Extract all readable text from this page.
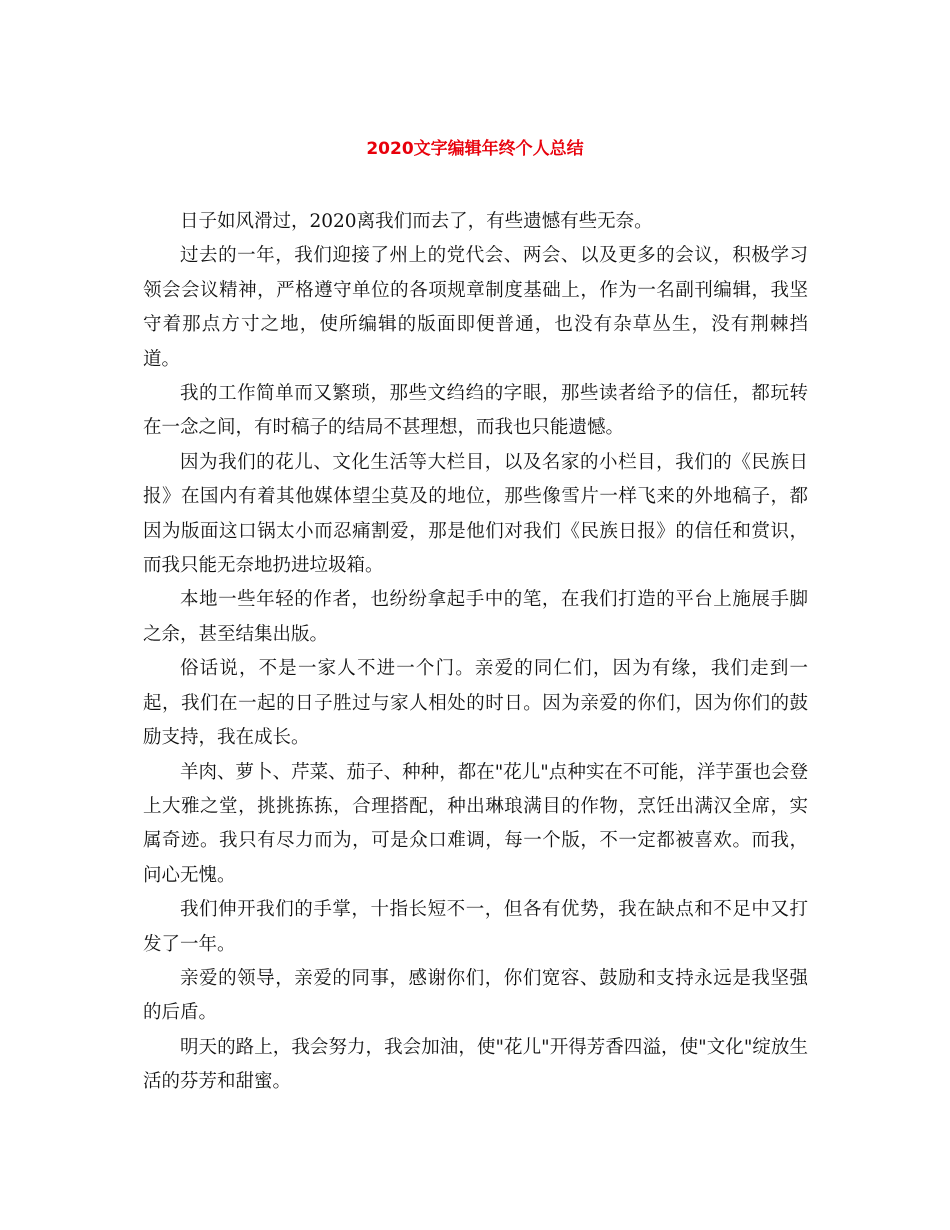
2020文字编辑年终个人总结

日子如风滑过，2020离我们而去了，有些遗憾有些无奈。

过去的一年，我们迎接了州上的党代会、两会、以及更多的会议，积极学习领会会议精神，严格遵守单位的各项规章制度基础上，作为一名副刊编辑，我坚守着那点方寸之地，使所编辑的版面即便普通，也没有杂草丛生，没有荆棘挡道。

我的工作简单而又繁琐，那些文绉绉的字眼，那些读者给予的信任，都玩转在一念之间，有时稿子的结局不甚理想，而我也只能遗憾。

因为我们的花儿、文化生活等大栏目，以及名家的小栏目，我们的《民族日报》在国内有着其他媒体望尘莫及的地位，那些像雪片一样飞来的外地稿子，都因为版面这口锅太小而忍痛割爱，那是他们对我们《民族日报》的信任和赏识，而我只能无奈地扔进垃圾箱。

本地一些年轻的作者，也纷纷拿起手中的笔，在我们打造的平台上施展手脚之余，甚至结集出版。

俗话说，不是一家人不进一个门。亲爱的同仁们，因为有缘，我们走到一起，我们在一起的日子胜过与家人相处的时日。因为亲爱的你们，因为你们的鼓励支持，我在成长。

羊肉、萝卜、芹菜、茄子、种种，都在"花儿"点种实在不可能，洋芋蛋也会登上大雅之堂，挑挑拣拣，合理搭配，种出琳琅满目的作物，烹饪出满汉全席，实属奇迹。我只有尽力而为，可是众口难调，每一个版，不一定都被喜欢。而我，问心无愧。

我们伸开我们的手掌，十指长短不一，但各有优势，我在缺点和不足中又打发了一年。

亲爱的领导，亲爱的同事，感谢你们，你们宽容、鼓励和支持永远是我坚强的后盾。

明天的路上，我会努力，我会加油，使"花儿"开得芳香四溢，使"文化"绽放生活的芬芳和甜蜜。
